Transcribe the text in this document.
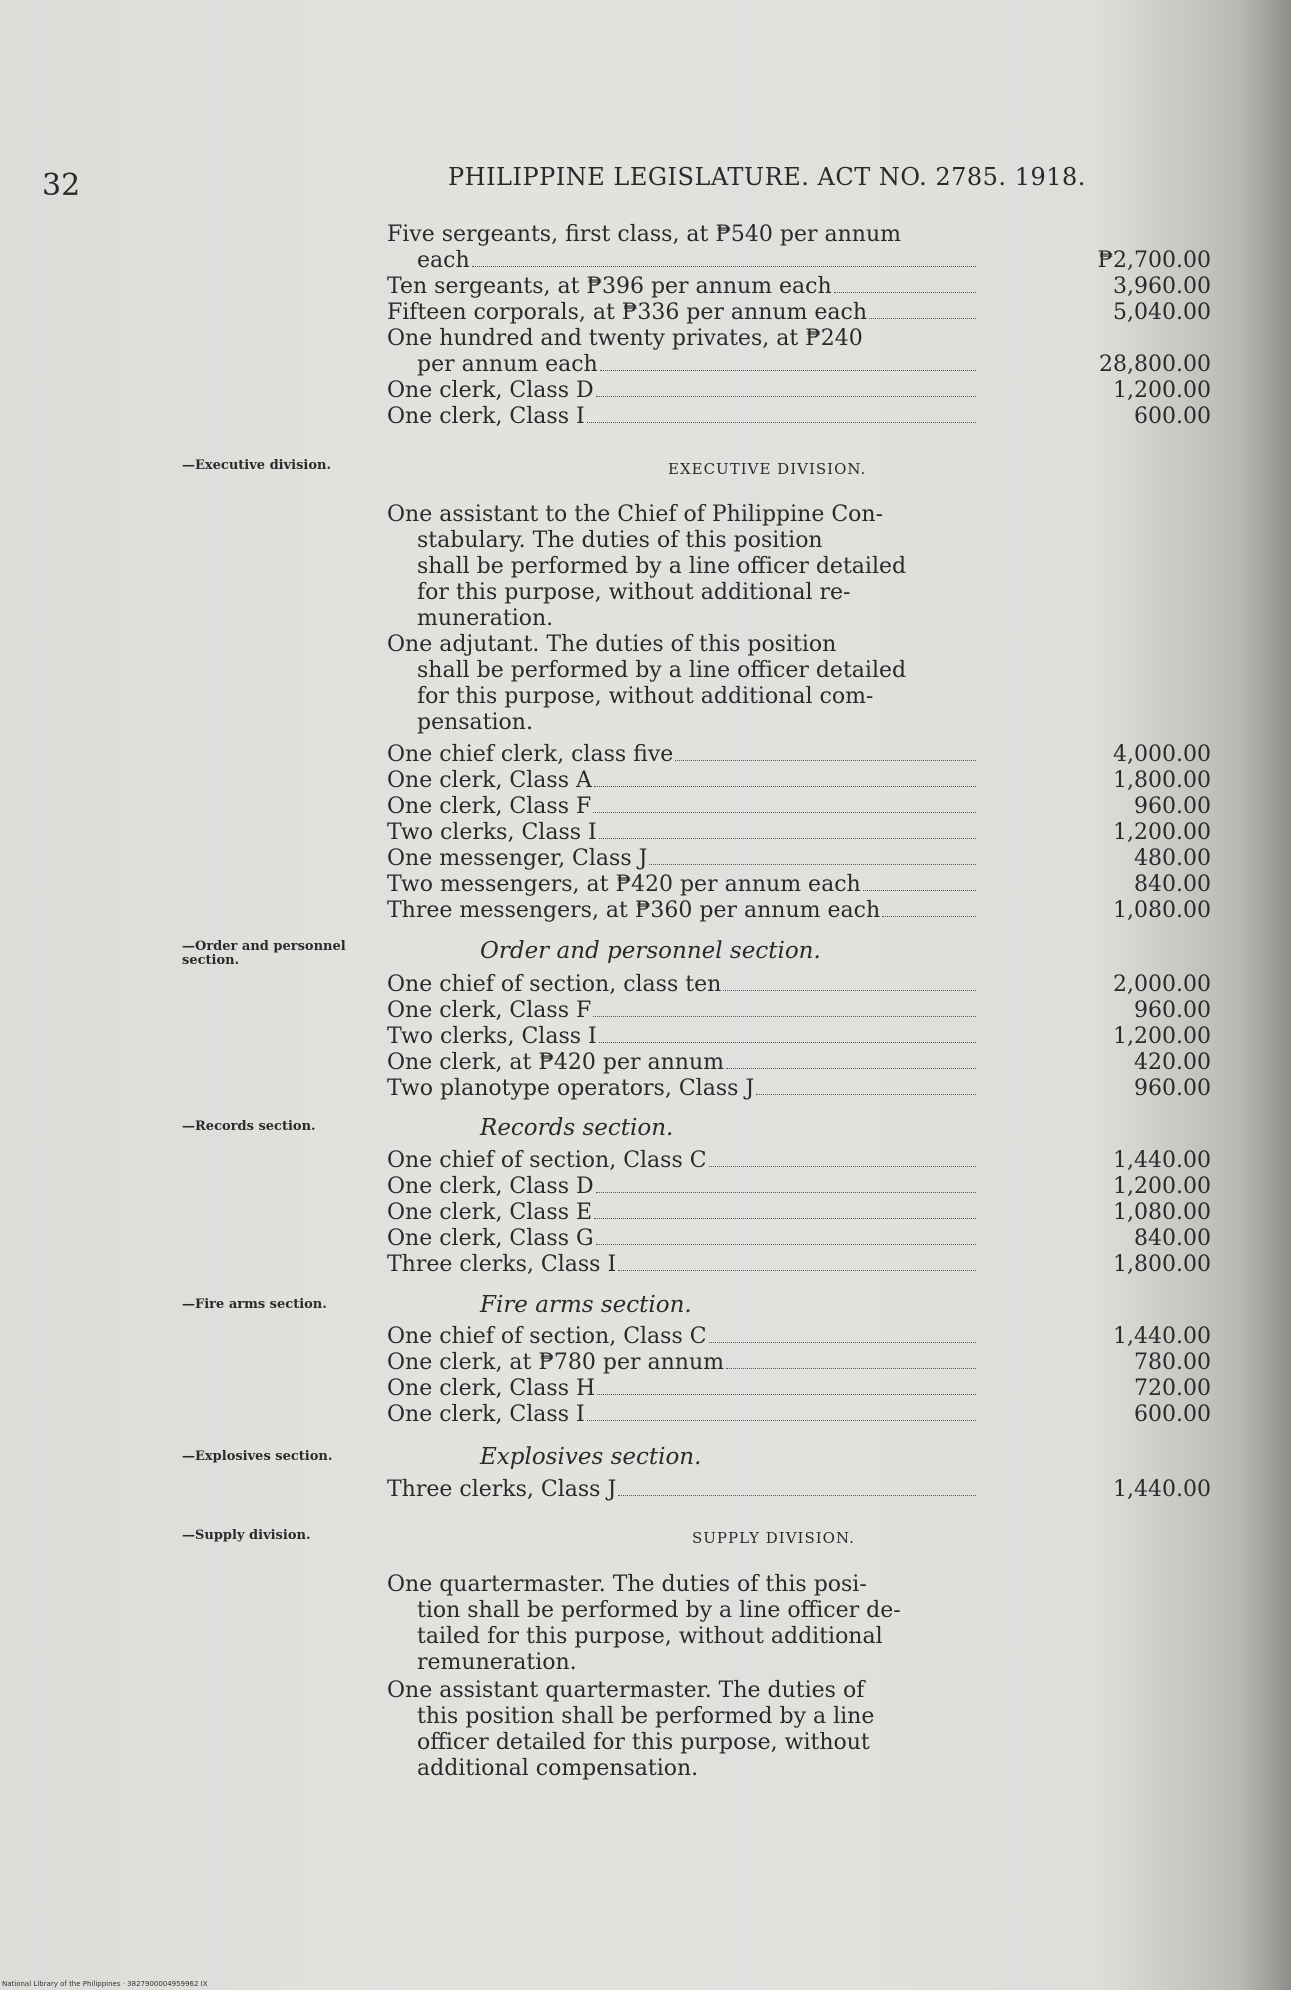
32	PHILIPPINE LEGISLATURE. ACT NO. 2785. 1918.
Five sergeants, first class, at ₱540 per annum
each	₱2,700.00
Ten sergeants, at ₱396 per annum each	3,960.00
Fifteen corporals, at ₱336 per annum each	5,040.00
One hundred and twenty privates, at ₱240
per annum each	28,800.00
One clerk, Class D	1,200.00
One clerk, Class I	600.00
—Executive division.	EXECUTIVE DIVISION.
One assistant to the Chief of Philippine Con-
stabulary. The duties of this position
shall be performed by a line officer detailed
for this purpose, without additional re-
muneration.
One adjutant. The duties of this position
shall be performed by a line officer detailed
for this purpose, without additional com-
pensation.
One chief clerk, class five	4,000.00
One clerk, Class A	1,800.00
One clerk, Class F	960.00
Two clerks, Class I	1,200.00
One messenger, Class J	480.00
Two messengers, at ₱420 per annum each	840.00
Three messengers, at ₱360 per annum each	1,080.00
—Order and personnel section.	Order and personnel section.
One chief of section, class ten	2,000.00
One clerk, Class F	960.00
Two clerks, Class I	1,200.00
One clerk, at ₱420 per annum	420.00
Two planotype operators, Class J	960.00
—Records section.	Records section.
One chief of section, Class C	1,440.00
One clerk, Class D	1,200.00
One clerk, Class E	1,080.00
One clerk, Class G	840.00
Three clerks, Class I	1,800.00
—Fire arms section.	Fire arms section.
One chief of section, Class C	1,440.00
One clerk, at ₱780 per annum	780.00
One clerk, Class H	720.00
One clerk, Class I	600.00
—Explosives section.	Explosives section.
Three clerks, Class J	1,440.00
—Supply division.	SUPPLY DIVISION.
One quartermaster. The duties of this posi-
tion shall be performed by a line officer de-
tailed for this purpose, without additional
remuneration.
One assistant quartermaster. The duties of
this position shall be performed by a line
officer detailed for this purpose, without
additional compensation.
National Library of the Philippines · 3827900004959962 IX
